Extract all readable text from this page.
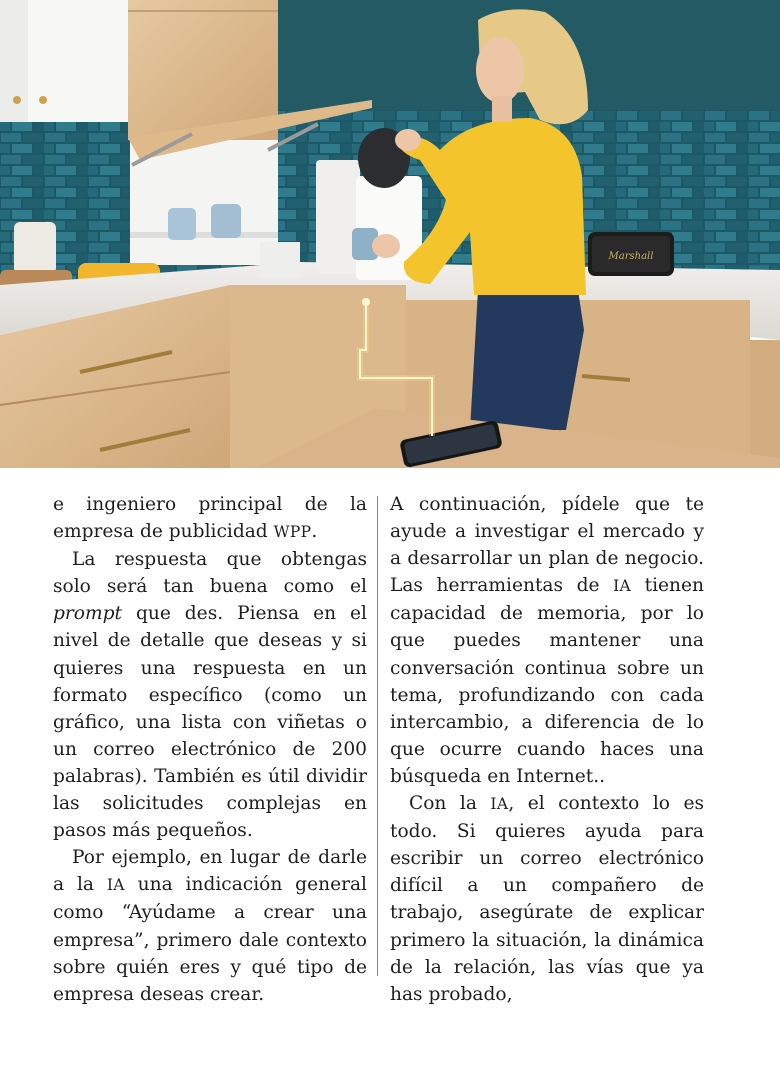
Marshall

e ingeniero principal de la empresa de publicidad WPP.

La respuesta que obtengas solo será tan buena como el prompt que des. Piensa en el nivel de detalle que deseas y si quieres una respuesta en un formato específico (como un gráfico, una lista con viñetas o un correo electrónico de 200 palabras). También es útil dividir las solicitudes complejas en pasos más pequeños.

Por ejemplo, en lugar de darle a la IA una indicación general como “Ayúdame a crear una empresa”, primero dale contexto sobre quién eres y qué tipo de empresa deseas crear.

A continuación, pídele que te ayude a investigar el mercado y a desarrollar un plan de negocio. Las herramientas de IA tienen capacidad de memoria, por lo que puedes mantener una conversación continua sobre un tema, profundizando con cada intercambio, a diferencia de lo que ocurre cuando haces una búsqueda en Internet..

Con la IA, el contexto lo es todo. Si quieres ayuda para escribir un correo electrónico difícil a un compañero de trabajo, asegúrate de explicar primero la situación, la dinámica de la relación, las vías que ya has probado,
